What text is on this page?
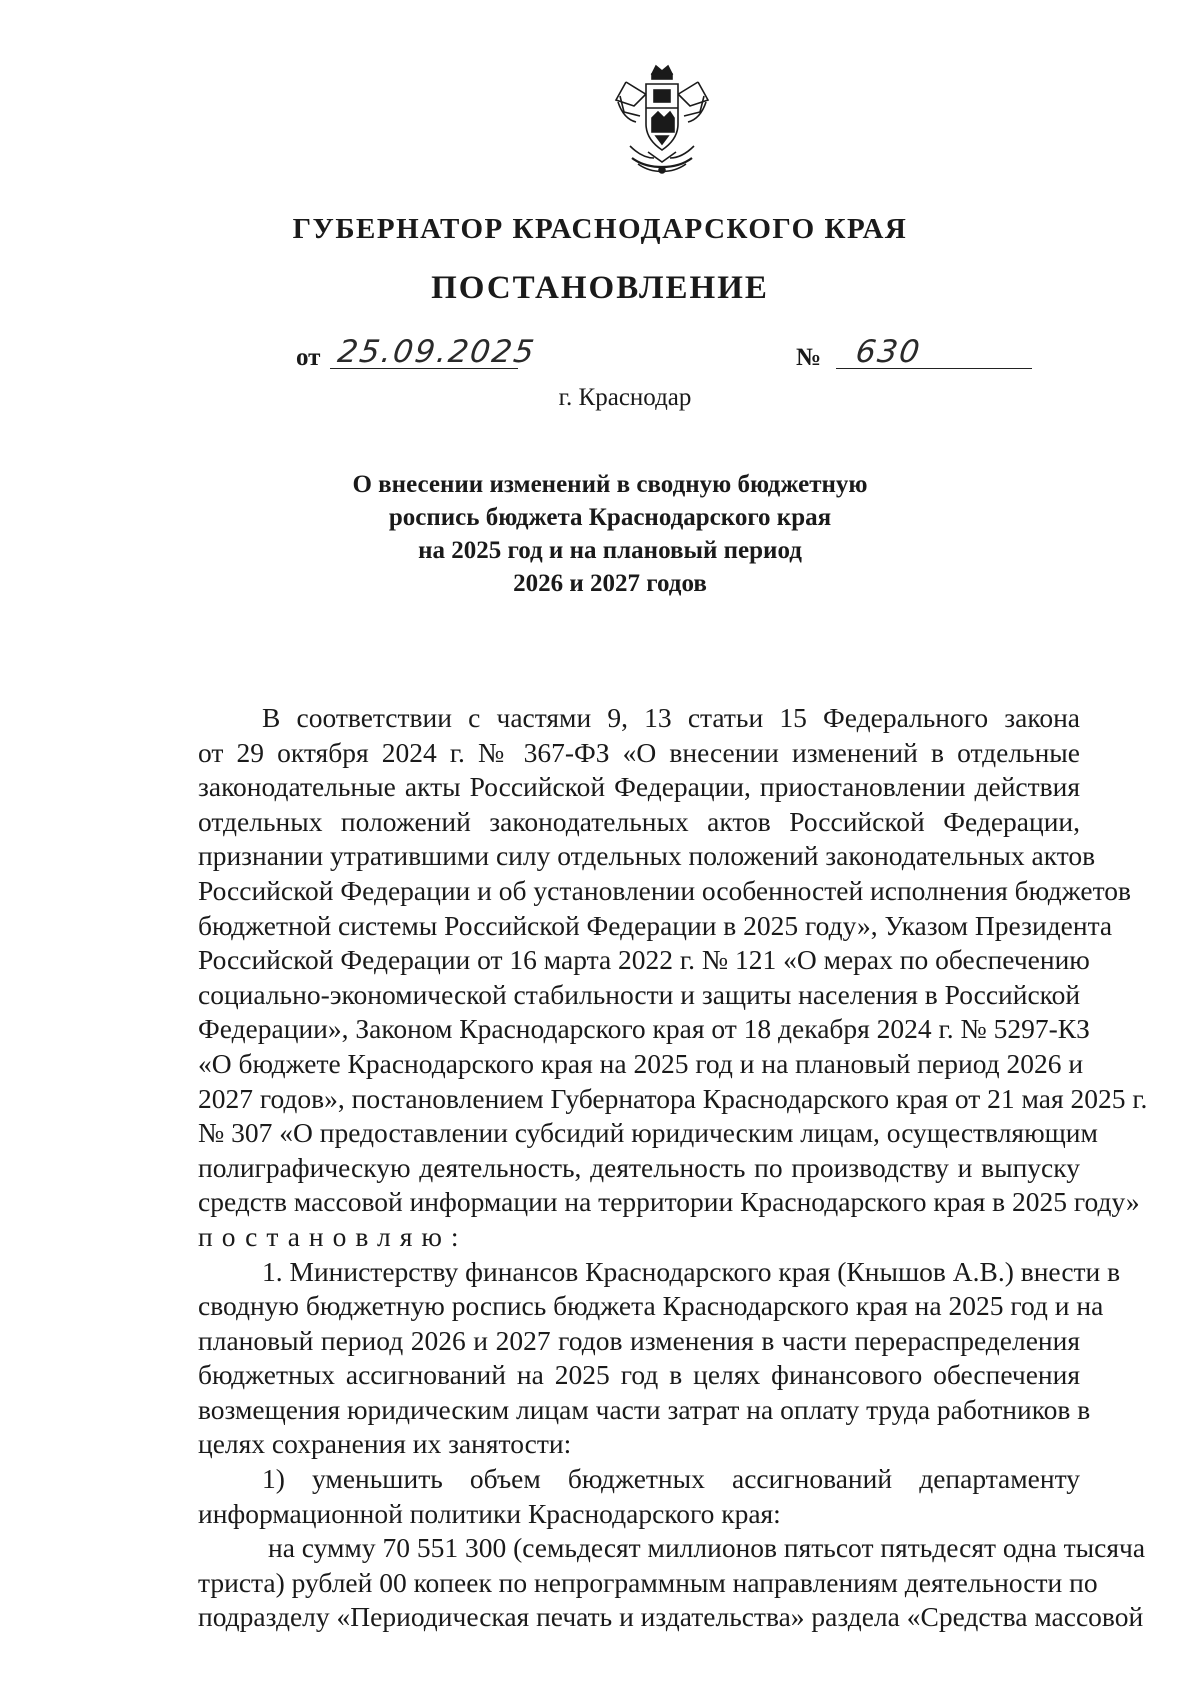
ГУБЕРНАТОР КРАСНОДАРСКОГО КРАЯ
ПОСТАНОВЛЕНИЕ
от 25.09.2025	№ 630
г. Краснодар
О внесении изменений в сводную бюджетную
роспись бюджета Краснодарского края
на 2025 год и на плановый период
2026 и 2027 годов
В соответствии с частями 9, 13 статьи 15 Федерального закона
от 29 октября 2024 г. № 367-ФЗ «О внесении изменений в отдельные
законодательные акты Российской Федерации, приостановлении действия
отдельных положений законодательных актов Российской Федерации,
признании утратившими силу отдельных положений законодательных актов
Российской Федерации и об установлении особенностей исполнения бюджетов
бюджетной системы Российской Федерации в 2025 году», Указом Президента
Российской Федерации от 16 марта 2022 г. № 121 «О мерах по обеспечению
социально-экономической стабильности и защиты населения в Российской
Федерации», Законом Краснодарского края от 18 декабря 2024 г. № 5297-КЗ
«О бюджете Краснодарского края на 2025 год и на плановый период 2026 и
2027 годов», постановлением Губернатора Краснодарского края от 21 мая 2025 г.
№ 307 «О предоставлении субсидий юридическим лицам, осуществляющим
полиграфическую деятельность, деятельность по производству и выпуску
средств массовой информации на территории Краснодарского края в 2025 году»
постановляю:
1. Министерству финансов Краснодарского края (Кнышов А.В.) внести в
сводную бюджетную роспись бюджета Краснодарского края на 2025 год и на
плановый период 2026 и 2027 годов изменения в части перераспределения
бюджетных ассигнований на 2025 год в целях финансового обеспечения
возмещения юридическим лицам части затрат на оплату труда работников в
целях сохранения их занятости:
1) уменьшить объем бюджетных ассигнований департаменту
информационной политики Краснодарского края:
на сумму 70 551 300 (семьдесят миллионов пятьсот пятьдесят одна тысяча
триста) рублей 00 копеек по непрограммным направлениям деятельности по
подразделу «Периодическая печать и издательства» раздела «Средства массовой
